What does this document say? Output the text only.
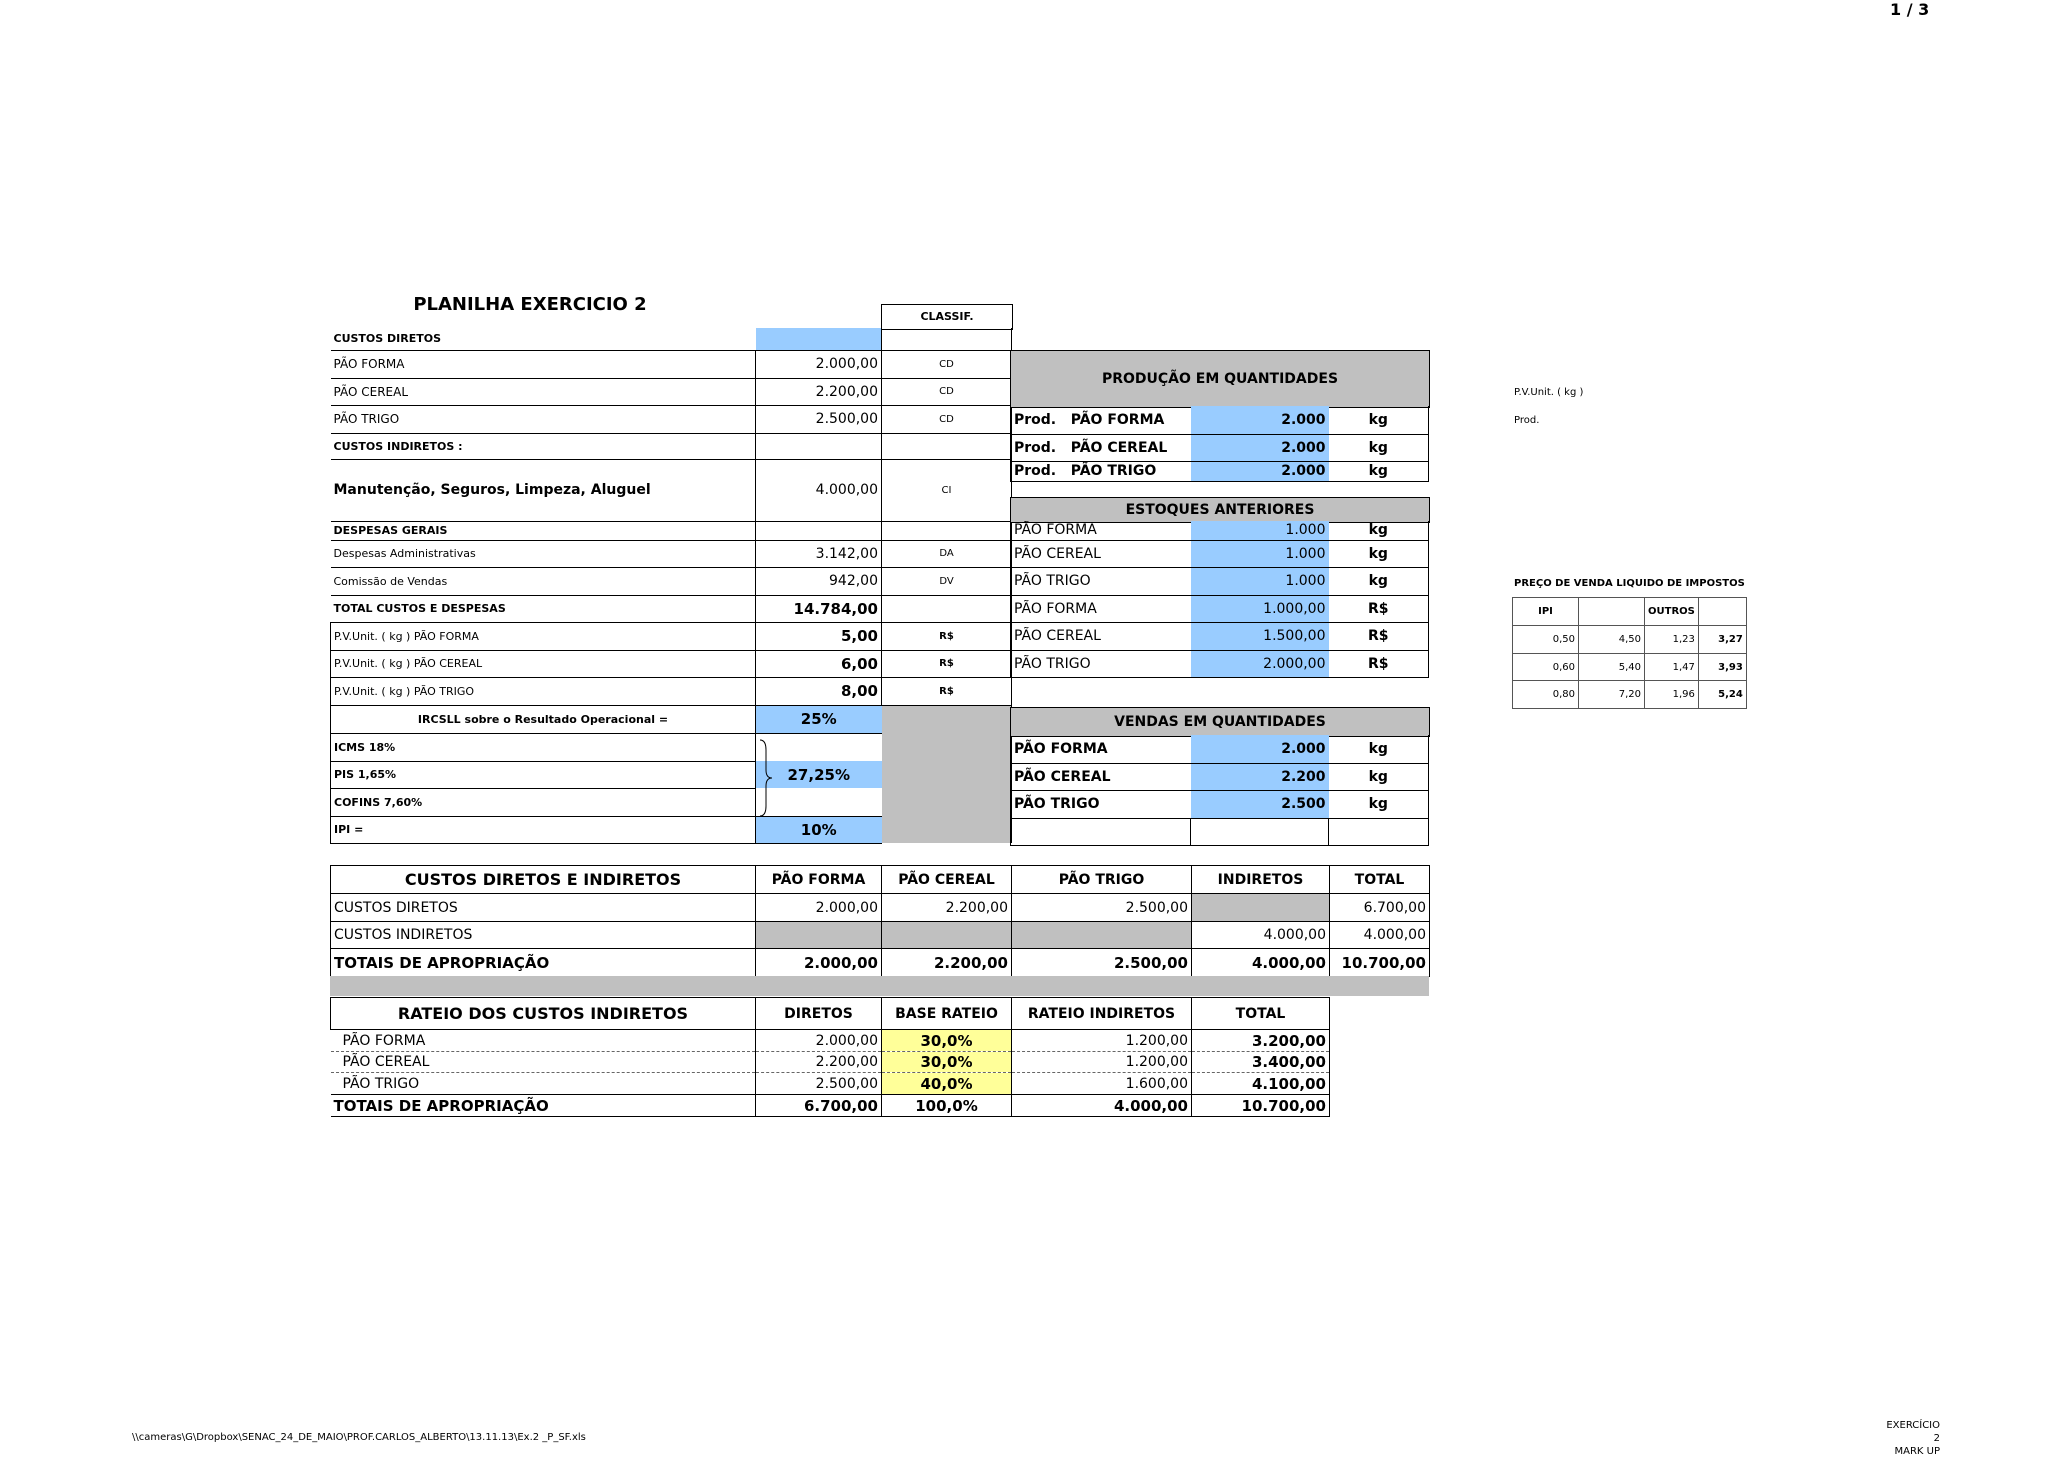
1 / 3
PLANILHA EXERCICIO 2
CLASSIF.
CUSTOS DIRETOS		
PÃO FORMA	2.000,00	CD
PÃO CEREAL	2.200,00	CD
PÃO TRIGO	2.500,00	CD
CUSTOS INDIRETOS :		
Manutenção, Seguros, Limpeza, Aluguel	4.000,00	CI
DESPESAS GERAIS		
Despesas Administrativas	3.142,00	DA
Comissão de Vendas	942,00	DV
TOTAL CUSTOS E DESPESAS	14.784,00	
P.V.Unit. ( kg ) PÃO FORMA	5,00	R$
P.V.Unit. ( kg ) PÃO CEREAL	6,00	R$
P.V.Unit. ( kg ) PÃO TRIGO	8,00	R$
IRCSLL sobre o Resultado Operacional =	25%	
ICMS 18%		
PIS 1,65%	27,25%	
COFINS 7,60%		
IPI =	10%	
PRODUÇÃO EM QUANTIDADES
Prod. PÃO FORMA	2.000	kg
Prod. PÃO CEREAL	2.000	kg
Prod. PÃO TRIGO	2.000	kg
ESTOQUES ANTERIORES
PÃO FORMA	1.000	kg
PÃO CEREAL	1.000	kg
PÃO TRIGO	1.000	kg
PÃO FORMA	1.000,00	R$
PÃO CEREAL	1.500,00	R$
PÃO TRIGO	2.000,00	R$
VENDAS EM QUANTIDADES
PÃO FORMA	2.000	kg
PÃO CEREAL	2.200	kg
PÃO TRIGO	2.500	kg

P.V.Unit. ( kg )
Prod.
PREÇO DE VENDA LIQUIDO DE IMPOSTOS
IPI		OUTROS	
0,50	4,50	1,23	3,27
0,60	5,40	1,47	3,93
0,80	7,20	1,96	5,24
CUSTOS DIRETOS E INDIRETOS	PÃO FORMA	PÃO CEREAL	PÃO TRIGO	INDIRETOS	TOTAL
CUSTOS DIRETOS	2.000,00	2.200,00	2.500,00		6.700,00
CUSTOS INDIRETOS				4.000,00	4.000,00
TOTAIS DE APROPRIAÇÃO	2.000,00	2.200,00	2.500,00	4.000,00	10.700,00
RATEIO DOS CUSTOS INDIRETOS	DIRETOS	BASE RATEIO	RATEIO INDIRETOS	TOTAL
PÃO FORMA	2.000,00	30,0%	1.200,00	3.200,00
PÃO CEREAL	2.200,00	30,0%	1.200,00	3.400,00
PÃO TRIGO	2.500,00	40,0%	1.600,00	4.100,00
TOTAIS DE APROPRIAÇÃO	6.700,00	100,0%	4.000,00	10.700,00
\\cameras\G\Dropbox\SENAC_24_DE_MAIO\PROF.CARLOS_ALBERTO\13.11.13\Ex.2 _P_SF.xls
EXERCÍCIO 2
MARK UP
